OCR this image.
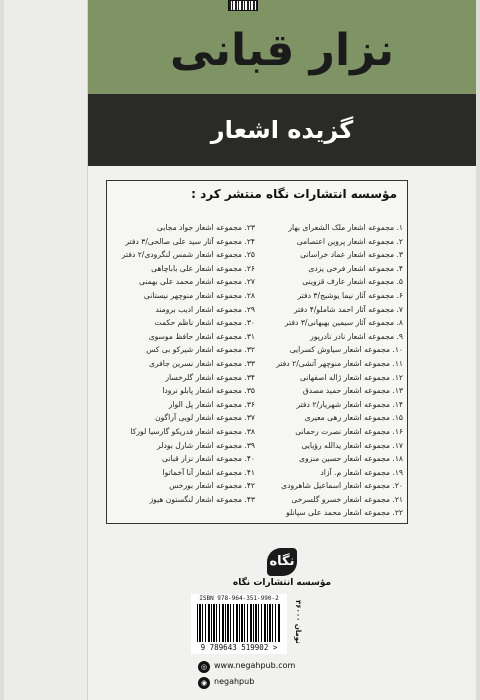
نزار قبانی
گزیده اشعار
مؤسسه انتشارات نگاه منتشر کرد :
۱. مجموعه اشعار ملک الشعرای بهار
۲. مجموعه اشعار پروین اعتصامی
۳. مجموعه اشعار عماد خراسانی
۴. مجموعه اشعار فرخی یزدی
۵. مجموعه اشعار عارف قزوینی
۶. مجموعه آثار نیما یوشیج/۳ دفتر
۷. مجموعه آثار احمد شاملو/۴ دفتر
۸. مجموعه آثار سیمین بهبهانی/۳ دفتر
۹. مجموعه اشعار نادر نادرپور
۱۰. مجموعه اشعار سیاوش کسرایی
۱۱. مجموعه اشعار منوچهر آتشی/۲ دفتر
۱۲. مجموعه اشعار ژاله اصفهانی
۱۳. مجموعه اشعار حمید مصدق
۱۴. مجموعه اشعار شهریار/۲ دفتر
۱۵. مجموعه اشعار رهی معیری
۱۶. مجموعه اشعار نصرت رحمانی
۱۷. مجموعه اشعار یدالله رؤیایی
۱۸. مجموعه اشعار حسین منزوی
۱۹. مجموعه اشعار م. آزاد
۲۰. مجموعه اشعار اسماعیل شاهرودی
۲۱. مجموعه اشعار خسرو گلسرخی
۲۲. مجموعه اشعار محمد علی سپانلو
۲۳. مجموعه اشعار جواد مجابی
۲۴. مجموعه آثار سید علی صالحی/۳ دفتر
۲۵. مجموعه اشعار شمس لنگرودی/۲ دفتر
۲۶. مجموعه اشعار علی باباچاهی
۲۷. مجموعه اشعار محمد علی بهمنی
۲۸. مجموعه اشعار منوچهر نیستانی
۲۹. مجموعه اشعار ادیب برومند
۳۰. مجموعه اشعار ناظم حکمت
۳۱. مجموعه اشعار حافظ موسوی
۳۲. مجموعه اشعار شیرکو بی کس
۳۳. مجموعه اشعار نسرین جافری
۳۴. مجموعه اشعار گلرخسار
۳۵. مجموعه اشعار پابلو نرودا
۳۶. مجموعه اشعار پل الوار
۳۷. مجموعه اشعار لویی آراگون
۳۸. مجموعه اشعار فدریکو گارسیا لورکا
۳۹. مجموعه اشعار شارل بودلر
۴۰. مجموعه اشعار نزار قبانی
۴۱. مجموعه اشعار آنا آخماتوا
۴۲. مجموعه اشعار بورخس
۴۳. مجموعه اشعار لنگستون هیوز
نگاه
مؤسسه انتشارات نگاه
ISBN 978-964-351-990-2
9 789643 519902 >
۳۶۰۰۰ تومان
◎ www.negahpub.com
◉ negahpub
